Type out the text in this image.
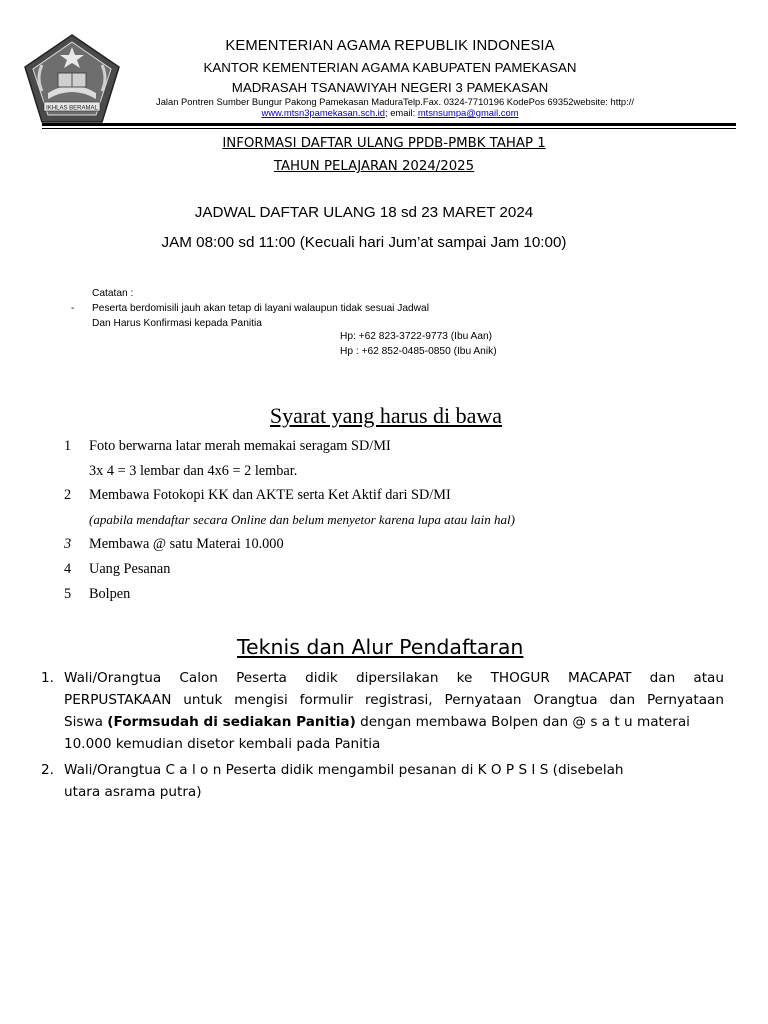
IKHLAS BERAMAL
KEMENTERIAN AGAMA REPUBLIK INDONESIA
KANTOR KEMENTERIAN AGAMA KABUPATEN PAMEKASAN
MADRASAH TSANAWIYAH NEGERI 3 PAMEKASAN
Jalan Pontren Sumber Bungur Pakong Pamekasan MaduraTelp.Fax. 0324-7710196 KodePos 69352website: http://
www.mtsn3pamekasan.sch.id; email: mtsnsumpa@gmail.com
INFORMASI DAFTAR ULANG PPDB-PMBK TAHAP 1
TAHUN PELAJARAN 2024/2025
JADWAL DAFTAR ULANG 18 sd 23 MARET 2024
JAM 08:00 sd 11:00 (Kecuali hari Jum’at sampai Jam 10:00)
Catatan :
- Peserta berdomisili jauh akan tetap di layani walaupun tidak sesuai Jadwal
Dan Harus Konfirmasi kepada Panitia
Hp: +62 823-3722-9773 (Ibu Aan)
Hp : +62 852-0485-0850 (Ibu Anik)
Syarat yang harus di bawa
1 Foto berwarna latar merah memakai seragam SD/MI
3x 4 = 3 lembar dan 4x6 = 2 lembar.
2 Membawa Fotokopi KK dan AKTE serta Ket Aktif dari SD/MI
(apabila mendaftar secara Online dan belum menyetor karena lupa atau lain hal)
3 Membawa @ satu Materai 10.000
4 Uang Pesanan
5 Bolpen
Teknis dan Alur Pendaftaran
1. Wali/Orangtua Calon Peserta didik dipersilakan ke THOGUR MACAPAT dan atau
PERPUSTAKAAN untuk mengisi formulir registrasi, Pernyataan Orangtua dan Pernyataan
Siswa (Formsudah di sediakan Panitia) dengan membawa Bolpen dan @ s a t u materai
10.000 kemudian disetor kembali pada Panitia
2. Wali/Orangtua C a l o n Peserta didik mengambil pesanan di K O P S I S (disebelah
utara asrama putra)
